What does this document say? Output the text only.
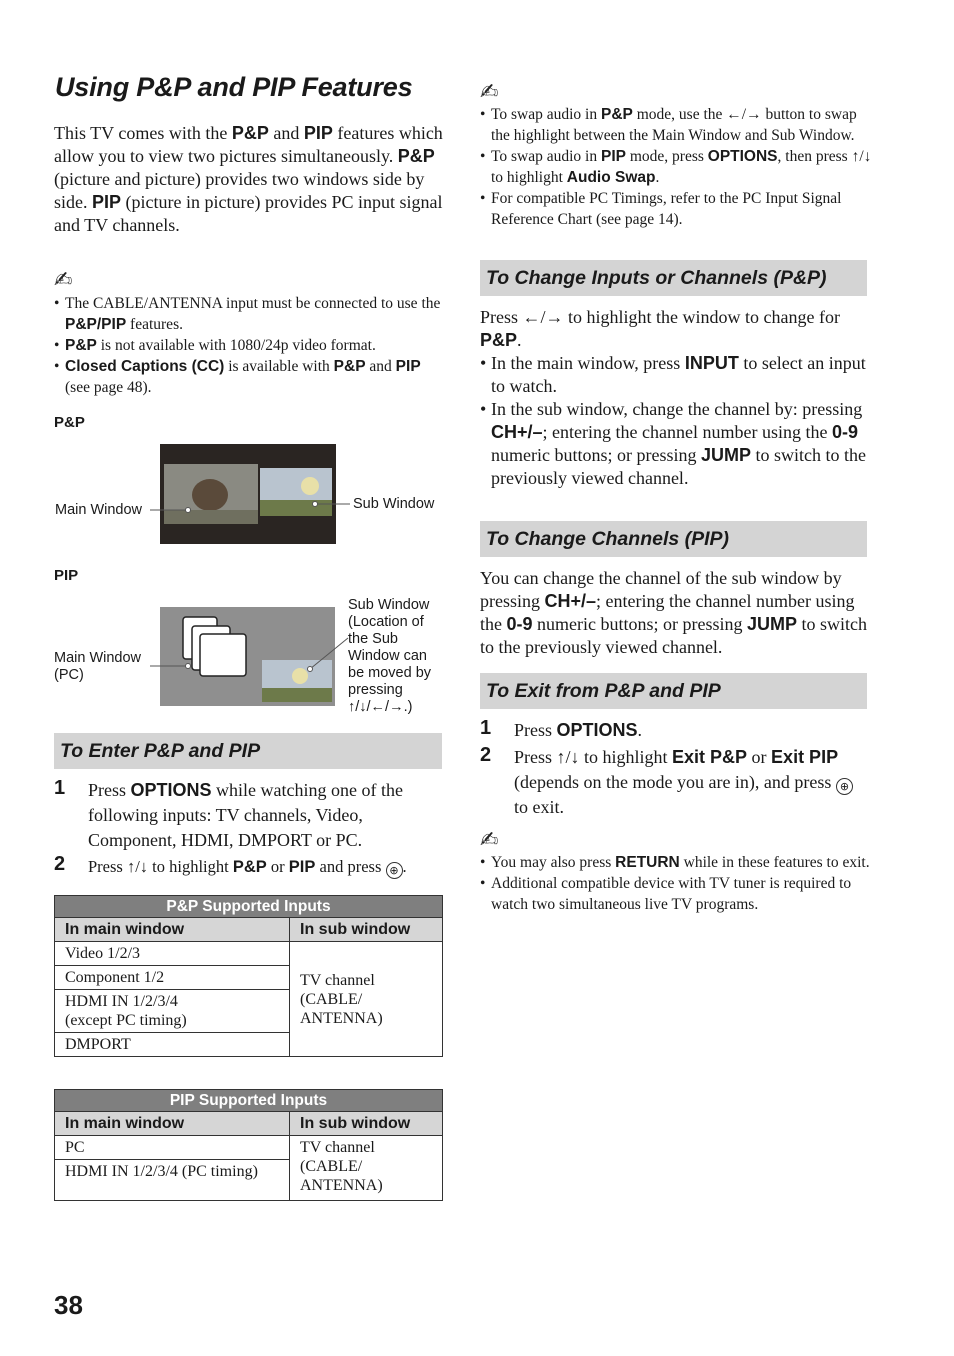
Using P&P and PIP Features
This TV comes with the P&P and PIP features which allow you to view two pictures simultaneously. P&P (picture and picture) provides two windows side by side. PIP (picture in picture) provides PC input signal and TV channels.
✍
• The CABLE/ANTENNA input must be connected to use the P&P/PIP features.
• P&P is not available with 1080/24p video format.
• Closed Captions (CC) is available with P&P and PIP (see page 48).
P&P
Main Window	Sub Window
PIP
Main Window
(PC)
Sub Window
(Location of
the Sub
Window can
be moved by
pressing
↑/↓/←/→.)
To Enter P&P and PIP
1	Press OPTIONS while watching one of the following inputs: TV channels, Video, Component, HDMI, DMPORT or PC.
2	Press ↑/↓ to highlight P&P or PIP and press ⊕ .
P&P Supported Inputs	
In main window	In sub window
Video 1/2/3	TV channel
(CABLE/
ANTENNA)

Component 1/2	

HDMI IN 1/2/3/4
(except PC timing)	

DMPORT	
PIP Supported Inputs	
In main window	In sub window
PC	TV channel
(CABLE/
ANTENNA)

HDMI IN 1/2/3/4 (PC timing)	
38
✍
• To swap audio in P&P mode, use the ←/→ button to swap the highlight between the Main Window and Sub Window.
• To swap audio in PIP mode, press OPTIONS, then press ↑/↓ to highlight Audio Swap.
• For compatible PC Timings, refer to the PC Input Signal Reference Chart (see page 14).
To Change Inputs or Channels (P&P)
Press ←/→ to highlight the window to change for P&P.
• In the main window, press INPUT to select an input to watch.
• In the sub window, change the channel by: pressing CH+/–; entering the channel number using the 0-9 numeric buttons; or pressing JUMP to switch to the previously viewed channel.
To Change Channels (PIP)
You can change the channel of the sub window by pressing CH+/–; entering the channel number using the 0-9 numeric buttons; or pressing JUMP to switch to the previously viewed channel.
To Exit from P&P and PIP
1	Press OPTIONS.
2	Press ↑/↓ to highlight Exit P&P or Exit PIP (depends on the mode you are in), and press ⊕ to exit.
✍
• You may also press RETURN while in these features to exit.
• Additional compatible device with TV tuner is required to watch two simultaneous live TV programs.
